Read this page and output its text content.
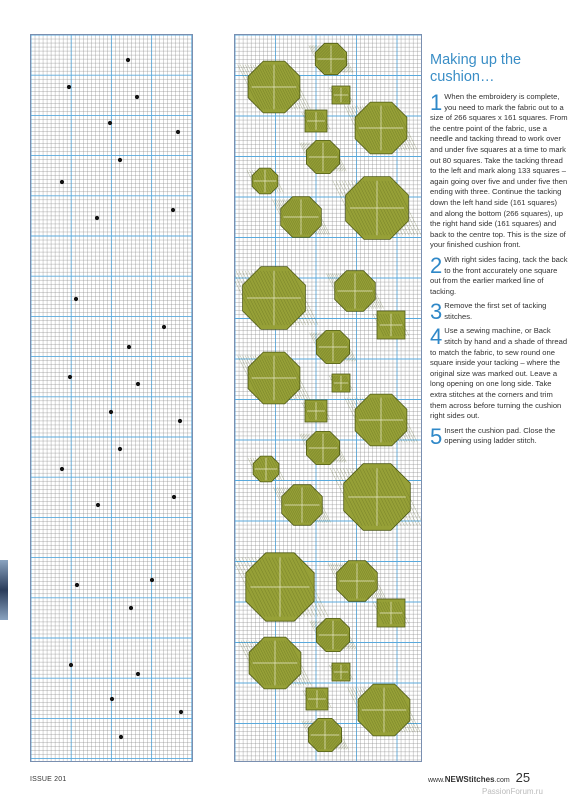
Making up the cushion…
1 When the embroidery is complete, you need to mark the fabric out to a size of 266 squares x 161 squares. From the centre point of the fabric, use a needle and tacking thread to work over and under five squares at a time to mark out 80 squares. Take the tacking thread to the left and mark along 133 squares – again going over five and under five then ending with three. Continue the tacking down the left hand side (161 squares) and along the bottom (266 squares), up the right hand side (161 squares) and back to the centre top. This is the size of your finished cushion front.
2 With right sides facing, tack the back to the front accurately one square out from the earlier marked line of tacking.
3 Remove the first set of tacking stitches.
4 Use a sewing machine, or Back stitch by hand and a shade of thread to match the fabric, to sew round one square inside your tacking – where the original size was marked out. Leave a long opening on one long side. Take extra stitches at the corners and trim them across before turning the cushion right sides out.
5 Insert the cushion pad. Close the opening using ladder stitch.
ISSUE 201	www.NEWStitches.com 25
PassionForum.ru
